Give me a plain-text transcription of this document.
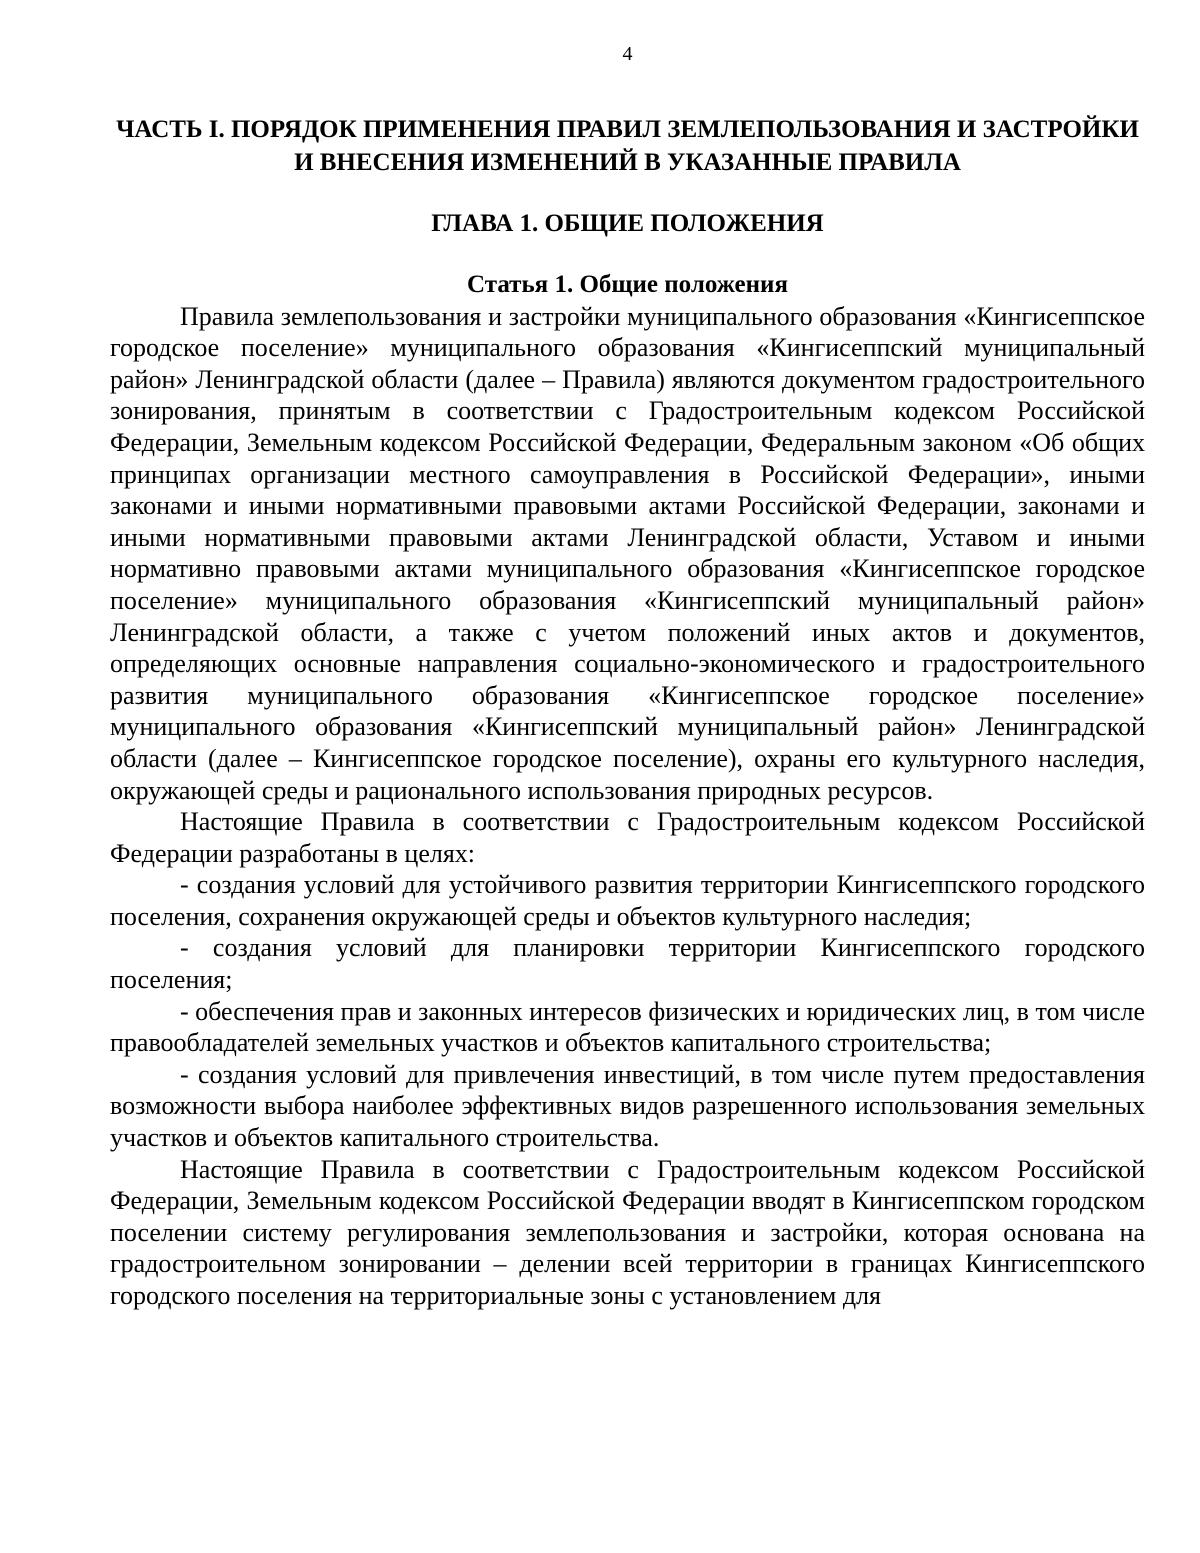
4
ЧАСТЬ I. ПОРЯДОК ПРИМЕНЕНИЯ ПРАВИЛ ЗЕМЛЕПОЛЬЗОВАНИЯ И ЗАСТРОЙКИ И ВНЕСЕНИЯ ИЗМЕНЕНИЙ В УКАЗАННЫЕ ПРАВИЛА
ГЛАВА 1. ОБЩИЕ ПОЛОЖЕНИЯ
Статья 1. Общие положения

Правила землепользования и застройки муниципального образования «Кингисеппское городское поселение» муниципального образования «Кингисеппский муниципальный район» Ленинградской области (далее – Правила) являются документом градостроительного зонирования, принятым в соответствии с Градостроительным кодексом Российской Федерации, Земельным кодексом Российской Федерации, Федеральным законом «Об общих принципах организации местного самоуправления в Российской Федерации», иными законами и иными нормативными правовыми актами Российской Федерации, законами и иными нормативными правовыми актами Ленинградской области, Уставом и иными нормативно правовыми актами муниципального образования «Кингисеппское городское поселение» муниципального образования «Кингисеппский муниципальный район» Ленинградской области, а также с учетом положений иных актов и документов, определяющих основные направления социально-экономического и градостроительного развития муниципального образования «Кингисеппское городское поселение» муниципального образования «Кингисеппский муниципальный район» Ленинградской области (далее – Кингисеппское городское поселение), охраны его культурного наследия, окружающей среды и рационального использования природных ресурсов.

Настоящие Правила в соответствии с Градостроительным кодексом Российской Федерации разработаны в целях:

- создания условий для устойчивого развития территории Кингисеппского городского поселения, сохранения окружающей среды и объектов культурного наследия;

- создания условий для планировки территории Кингисеппского городского поселения;

- обеспечения прав и законных интересов физических и юридических лиц, в том числе правообладателей земельных участков и объектов капитального строительства;

- создания условий для привлечения инвестиций, в том числе путем предоставления возможности выбора наиболее эффективных видов разрешенного использования земельных участков и объектов капитального строительства.

Настоящие Правила в соответствии с Градостроительным кодексом Российской Федерации, Земельным кодексом Российской Федерации вводят в Кингисеппском городском поселении систему регулирования землепользования и застройки, которая основана на градостроительном зонировании – делении всей территории в границах Кингисеппского городского поселения на территориальные зоны с установлением для
